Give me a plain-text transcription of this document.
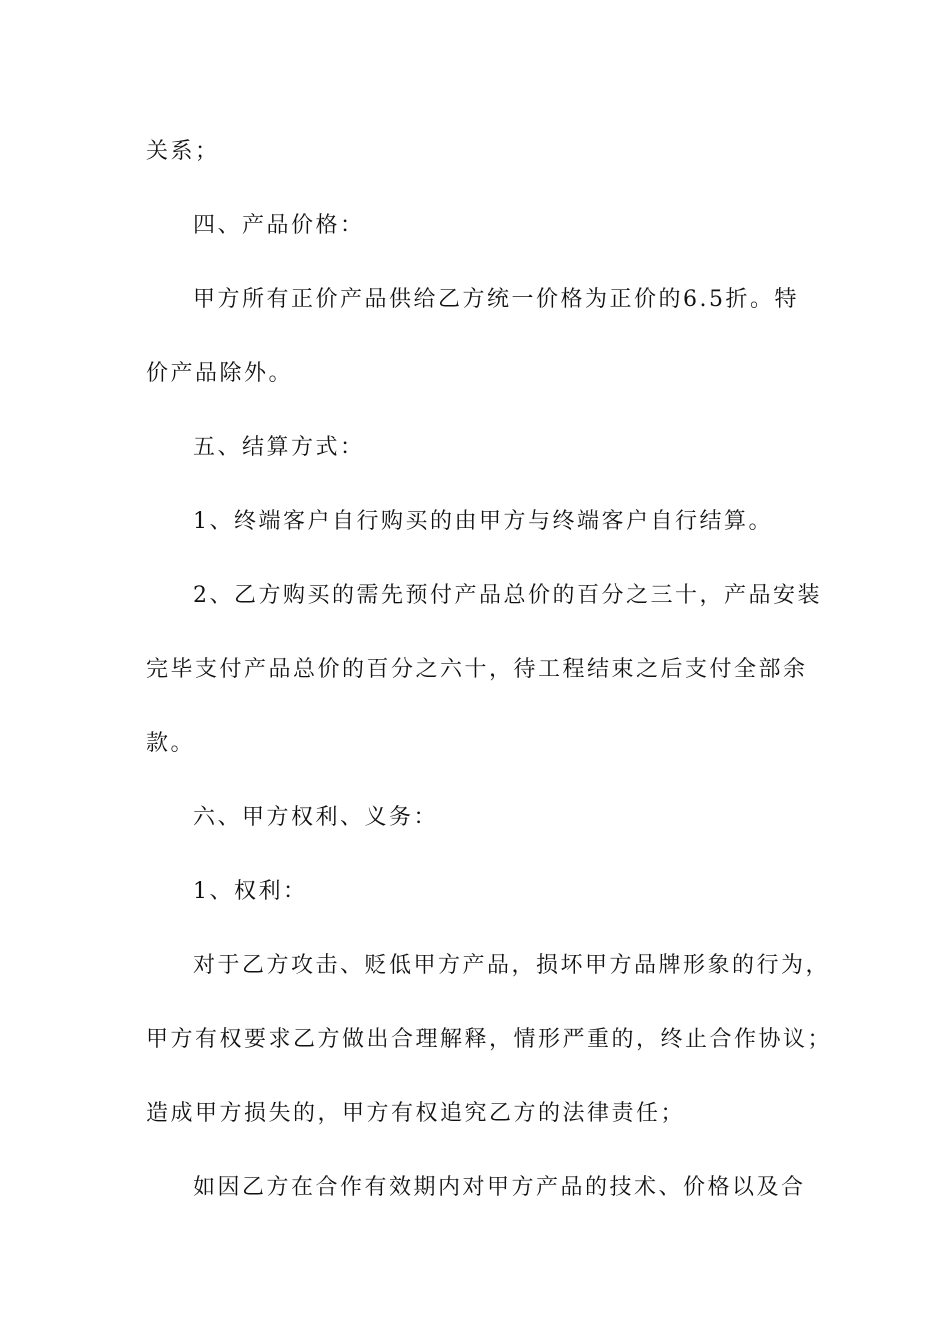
关系；

四、产品价格：

甲方所有正价产品供给乙方统一价格为正价的6.5折。特

价产品除外。

五、结算方式：

1、终端客户自行购买的由甲方与终端客户自行结算。

2、乙方购买的需先预付产品总价的百分之三十，产品安装

完毕支付产品总价的百分之六十，待工程结束之后支付全部余

款。

六、甲方权利、义务：

1、权利：

对于乙方攻击、贬低甲方产品，损坏甲方品牌形象的行为，

甲方有权要求乙方做出合理解释，情形严重的，终止合作协议；

造成甲方损失的，甲方有权追究乙方的法律责任；

如因乙方在合作有效期内对甲方产品的技术、价格以及合
